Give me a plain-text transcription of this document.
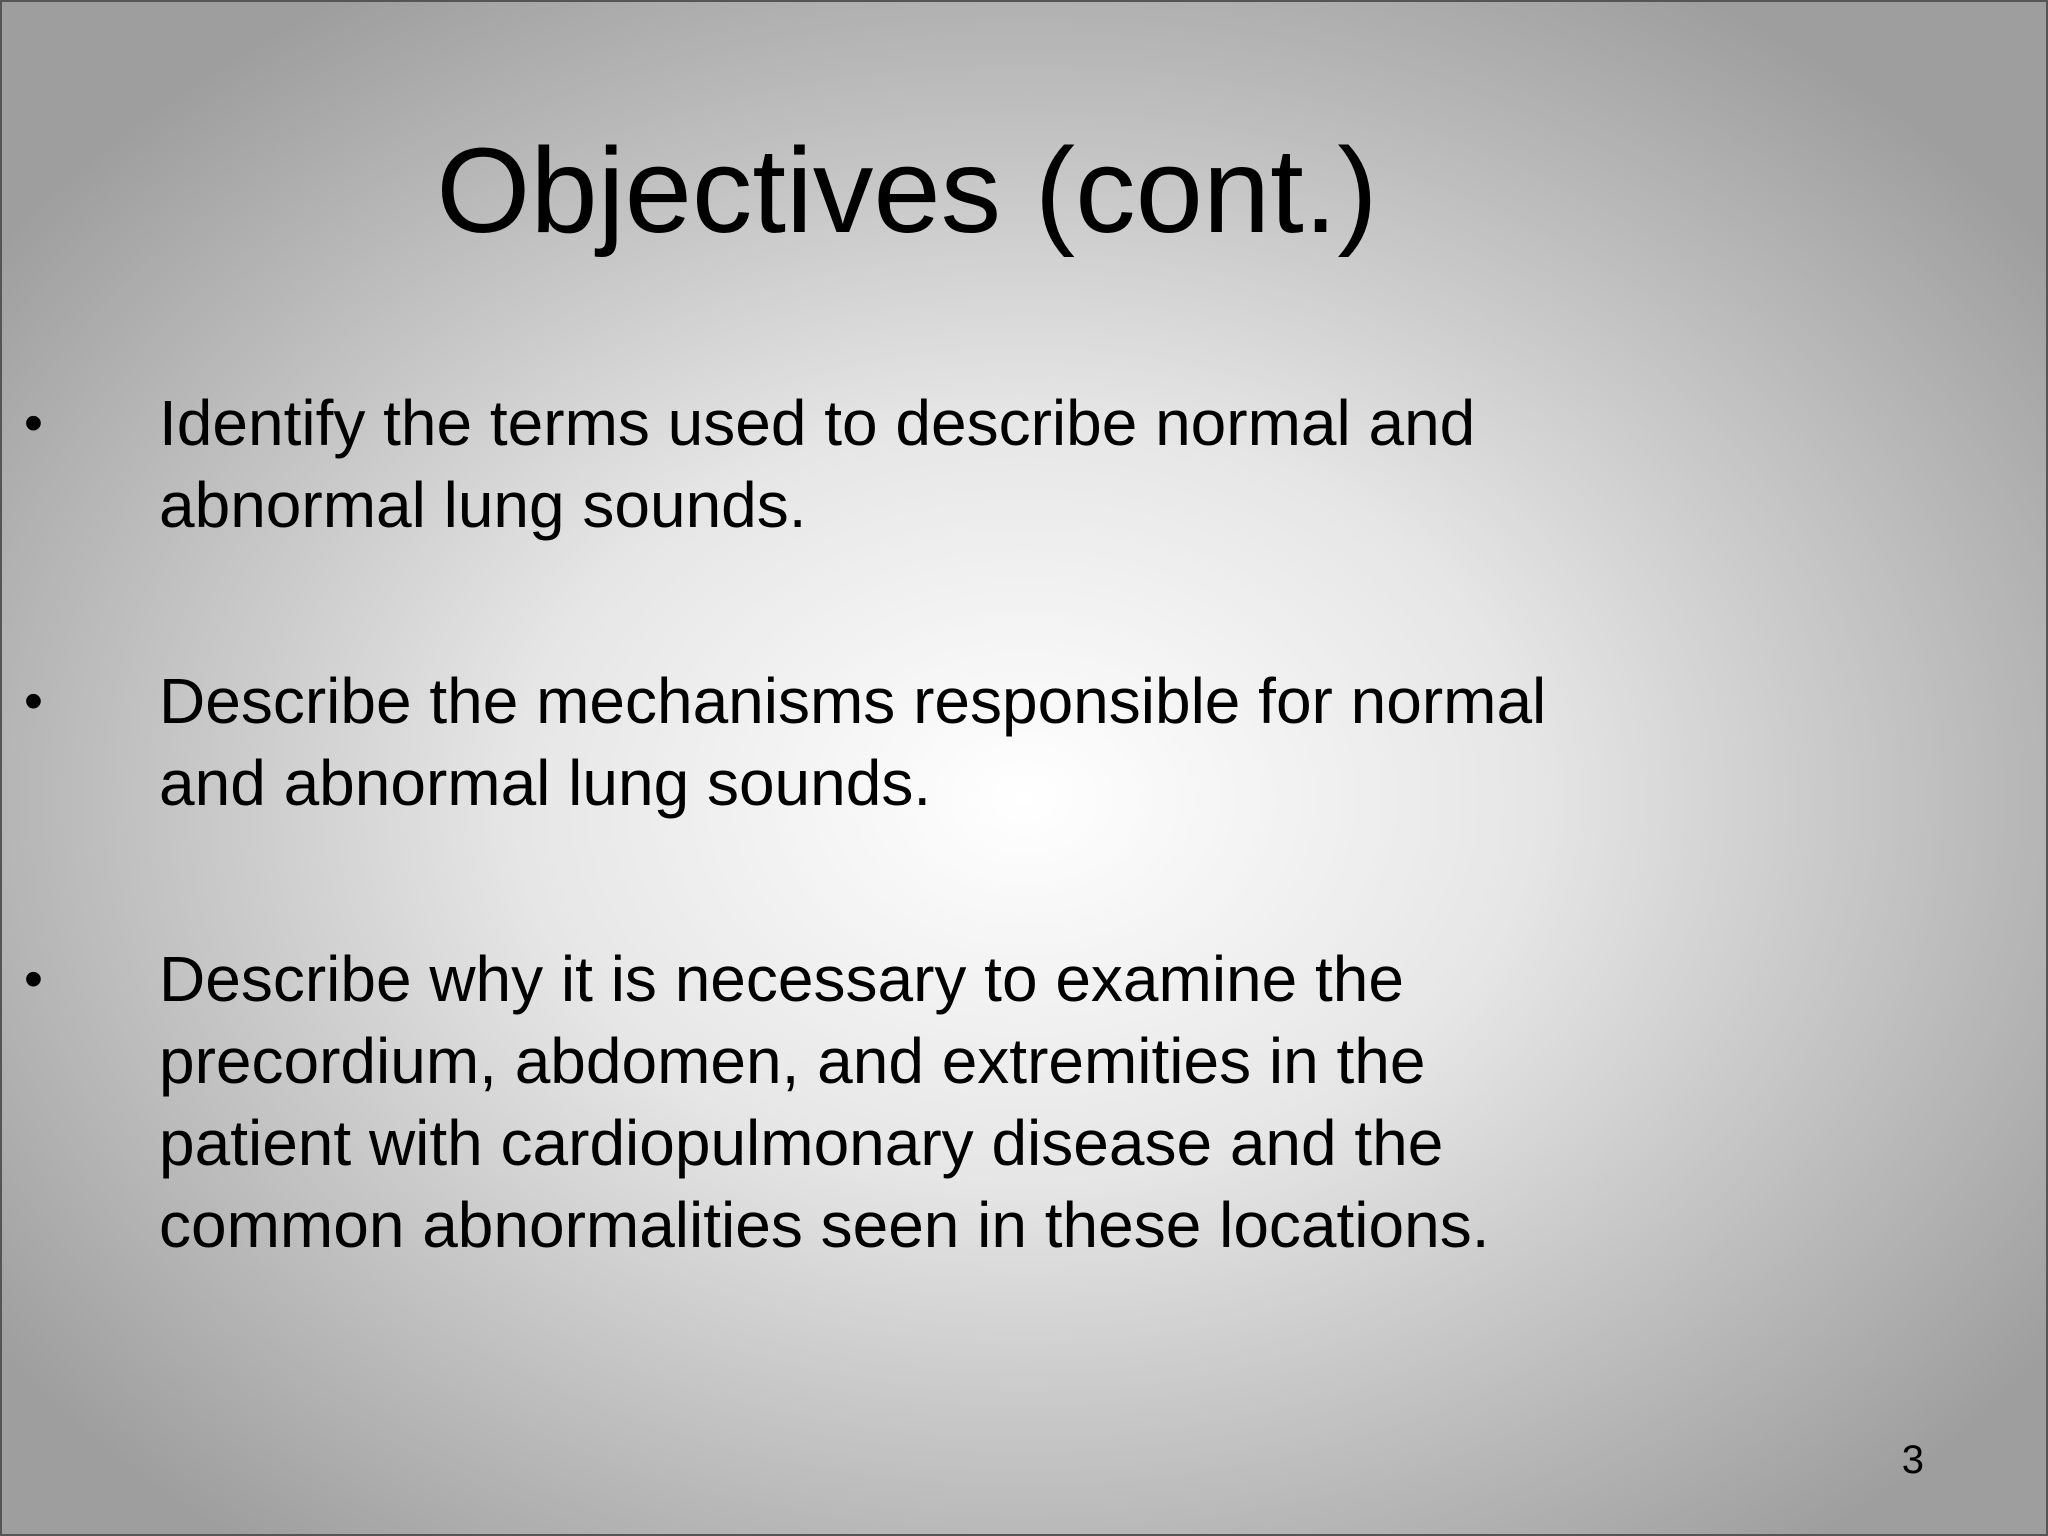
Objectives (cont.)
• Identify the terms used to describe normal and
abnormal lung sounds.
• Describe the mechanisms responsible for normal
and abnormal lung sounds.
• Describe why it is necessary to examine the
precordium, abdomen, and extremities in the
patient with cardiopulmonary disease and the
common abnormalities seen in these locations.
3
